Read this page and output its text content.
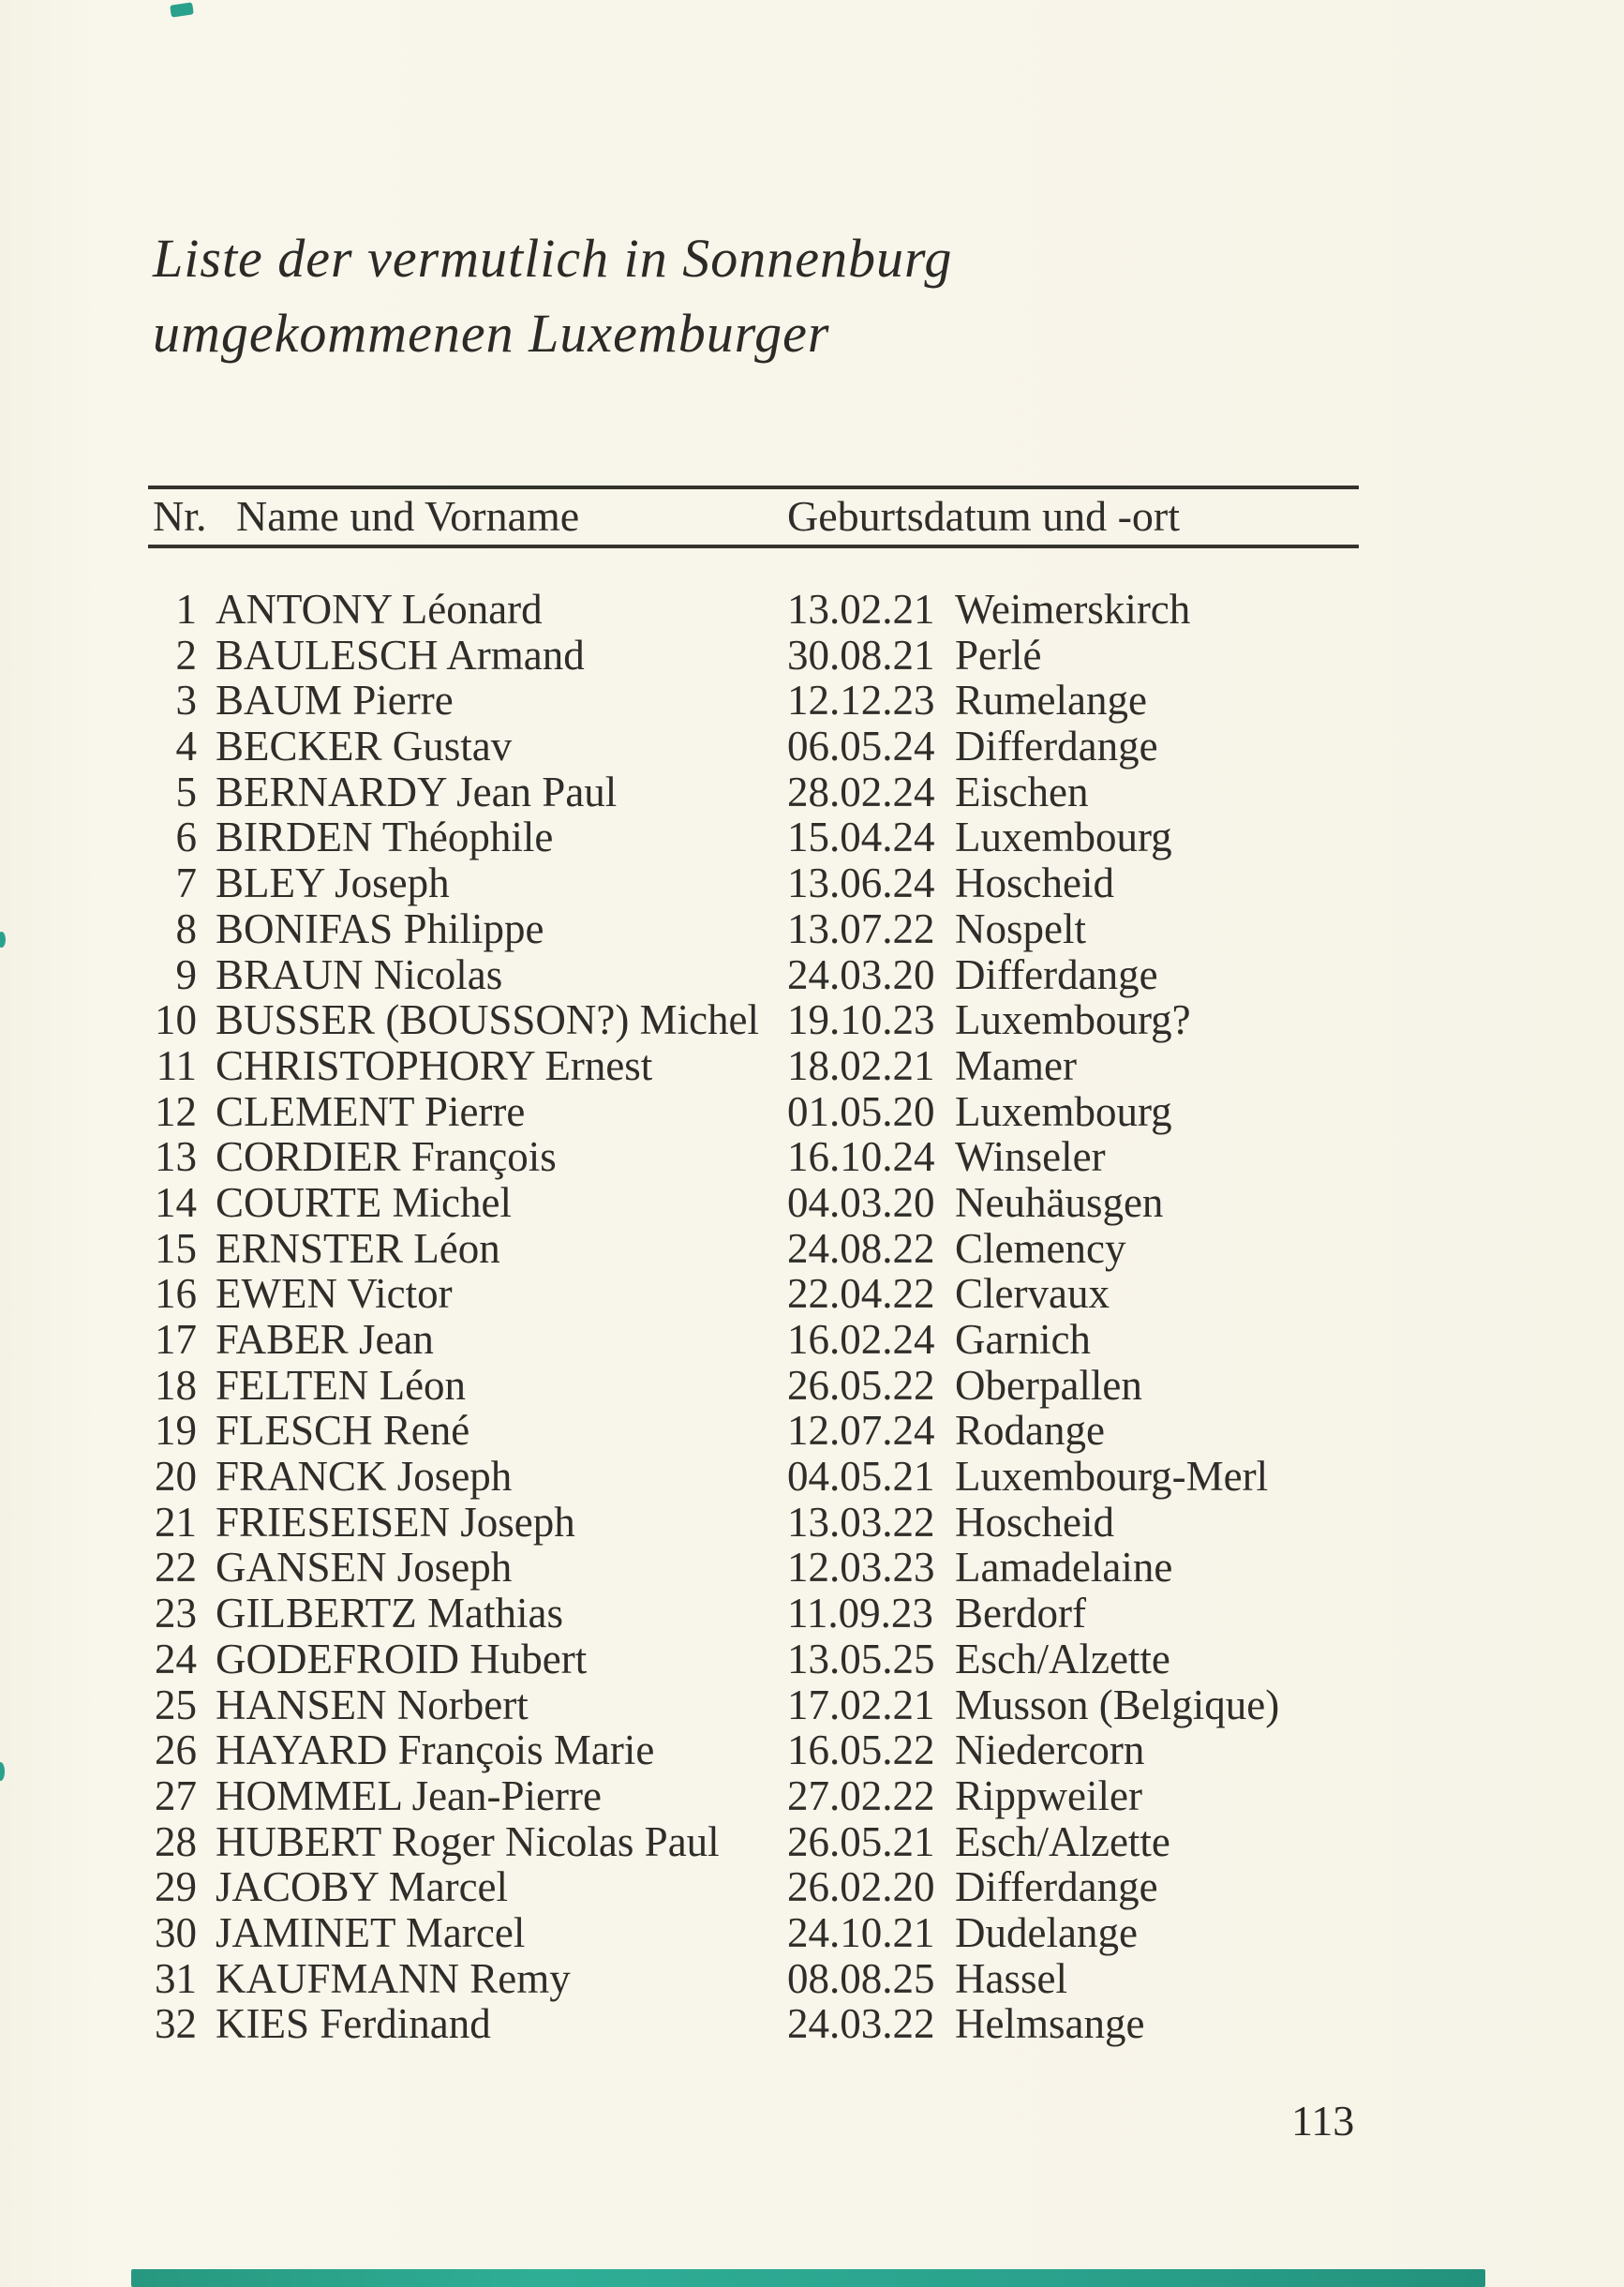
Liste der vermutlich in Sonnenburg
umgekommenen Luxemburger
Nr. Name und Vorname	Geburtsdatum und -ort
1 ANTONY Léonard	13.02.21 Weimerskirch
2 BAULESCH Armand	30.08.21 Perlé
3 BAUM Pierre	12.12.23 Rumelange
4 BECKER Gustav	06.05.24 Differdange
5 BERNARDY Jean Paul	28.02.24 Eischen
6 BIRDEN Théophile	15.04.24 Luxembourg
7 BLEY Joseph	13.06.24 Hoscheid
8 BONIFAS Philippe	13.07.22 Nospelt
9 BRAUN Nicolas	24.03.20 Differdange
10 BUSSER (BOUSSON?) Michel 19.10.23 Luxembourg?
11 CHRISTOPHORY Ernest	18.02.21 Mamer
12 CLEMENT Pierre	01.05.20 Luxembourg
13 CORDIER François	16.10.24 Winseler
14 COURTE Michel	04.03.20 Neuhäusgen
15 ERNSTER Léon	24.08.22 Clemency
16 EWEN Victor	22.04.22 Clervaux
17 FABER Jean	16.02.24 Garnich
18 FELTEN Léon	26.05.22 Oberpallen
19 FLESCH René	12.07.24 Rodange
20 FRANCK Joseph	04.05.21 Luxembourg-Merl
21 FRIESEISEN Joseph	13.03.22 Hoscheid
22 GANSEN Joseph	12.03.23 Lamadelaine
23 GILBERTZ Mathias	11.09.23 Berdorf
24 GODEFROID Hubert	13.05.25 Esch/Alzette
25 HANSEN Norbert	17.02.21 Musson (Belgique)
26 HAYARD François Marie	16.05.22 Niedercorn
27 HOMMEL Jean-Pierre	27.02.22 Rippweiler
28 HUBERT Roger Nicolas Paul 26.05.21 Esch/Alzette
29 JACOBY Marcel	26.02.20 Differdange
30 JAMINET Marcel	24.10.21 Dudelange
31 KAUFMANN Remy	08.08.25 Hassel
32 KIES Ferdinand	24.03.22 Helmsange
113
